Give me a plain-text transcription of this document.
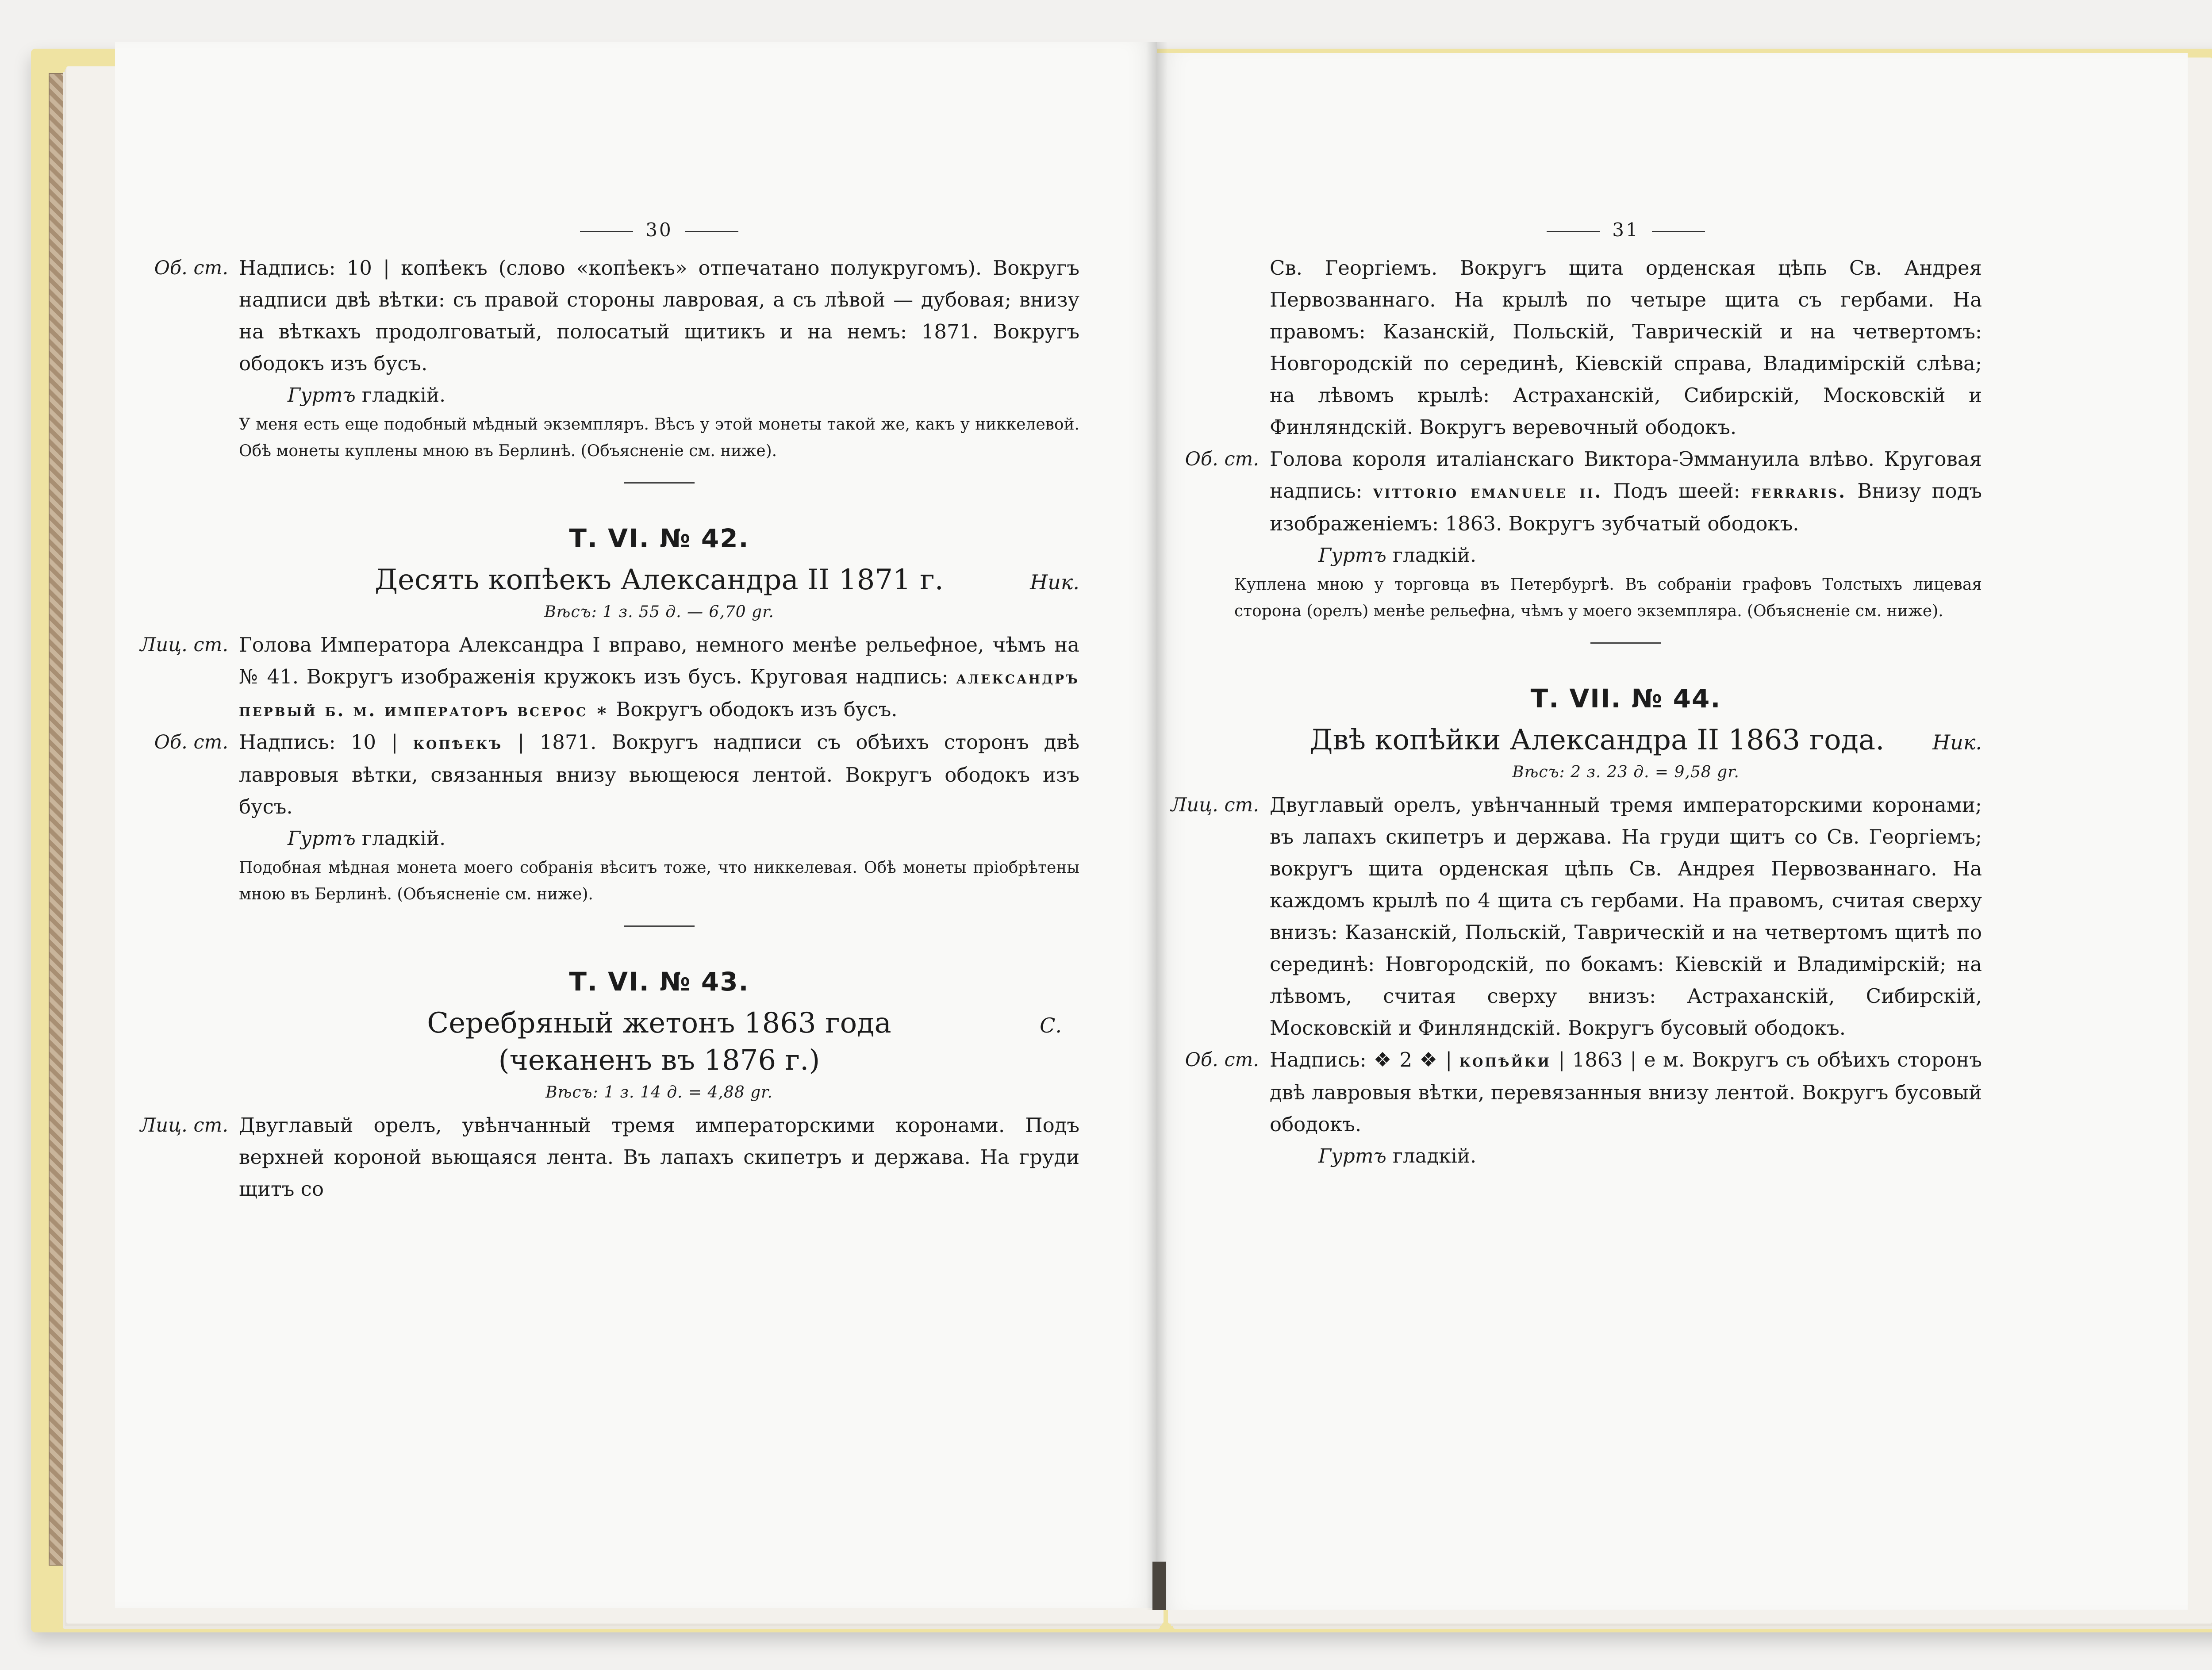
30
Об. ст. Надпись: 10 | копѣекъ (слово «копѣекъ» отпечатано полукругомъ). Вокругъ надписи двѣ вѣтки: съ правой стороны лавровая, а съ лѣвой — дубовая; внизу на вѣткахъ продолговатый, полосатый щитикъ и на немъ: 1871. Вокругъ ободокъ изъ бусъ.
Гуртъ гладкій.
У меня есть еще подобный мѣдный экземпляръ. Вѣсъ у этой монеты такой же, какъ у никкелевой. Обѣ монеты куплены мною въ Берлинѣ. (Объясненіе см. ниже).
Т. VI. № 42.
Десять копѣекъ Александра II 1871 г.	Ник.
Вѣсъ: 1 з. 55 д. — 6,70 gr.
Лиц. ст. Голова Императора Александра I вправо, немного менѣе рельефное, чѣмъ на № 41. Вокругъ изображенія кружокъ изъ бусъ. Круговая надпись: александръ первый б. м. императоръ всерос ∗ Вокругъ ободокъ изъ бусъ.
Об. ст. Надпись: 10 | копѣекъ | 1871. Вокругъ надписи съ обѣихъ сторонъ двѣ лавровыя вѣтки, связанныя внизу вьющеюся лентой. Вокругъ ободокъ изъ бусъ.
Гуртъ гладкій.
Подобная мѣдная монета моего собранія вѣситъ тоже, что никкелевая. Обѣ монеты пріобрѣтены мною въ Берлинѣ. (Объясненіе см. ниже).
Т. VI. № 43.
Серебряный жетонъ 1863 года (чеканенъ въ 1876 г.)
С.
Вѣсъ: 1 з. 14 д. = 4,88 gr.
Лиц. ст. Двуглавый орелъ, увѣнчанный тремя императорскими коронами. Подъ верхней короной вьющаяся лента. Въ лапахъ скипетръ и держава. На груди щитъ со
31
Св. Георгіемъ. Вокругъ щита орденская цѣпь Св. Андрея Первозваннаго. На крылѣ по четыре щита съ гербами. На правомъ: Казанскій, Польскій, Таврическій и на четвертомъ: Новгородскій по серединѣ, Кіевскій справа, Владимірскій слѣва; на лѣвомъ крылѣ: Астраханскій, Сибирскій, Московскій и Финляндскій. Вокругъ веревочный ободокъ.
Об. ст. Голова короля италіанскаго Виктора-Эммануила влѣво. Круговая надпись: vittorio emanuele ii. Подъ шеей: ferraris. Внизу подъ изображеніемъ: 1863. Вокругъ зубчатый ободокъ.
Гуртъ гладкій.
Куплена мною у торговца въ Петербургѣ. Въ собраніи графовъ Толстыхъ лицевая сторона (орелъ) менѣе рельефна, чѣмъ у моего экземпляра. (Объясненіе см. ниже).
Т. VII. № 44.
Двѣ копѣйки Александра II 1863 года. Ник.
Вѣсъ: 2 з. 23 д. = 9,58 gr.
Лиц. ст. Двуглавый орелъ, увѣнчанный тремя императорскими коронами; въ лапахъ скипетръ и держава. На груди щитъ со Св. Георгіемъ; вокругъ щита орденская цѣпь Св. Андрея Первозваннаго. На каждомъ крылѣ по 4 щита съ гербами. На правомъ, считая сверху внизъ: Казанскій, Польскій, Таврическій и на четвертомъ щитѣ по серединѣ: Новгородскій, по бокамъ: Кіевскій и Владимірскій; на лѣвомъ, считая сверху внизъ: Астраханскій, Сибирскій, Московскій и Финляндскій. Вокругъ бусовый ободокъ.
Об. ст. Надпись: ❖ 2 ❖ | копѣйки | 1863 | е м. Вокругъ съ обѣихъ сторонъ двѣ лавровыя вѣтки, перевязанныя внизу лентой. Вокругъ бусовый ободокъ.
Гуртъ гладкій.
